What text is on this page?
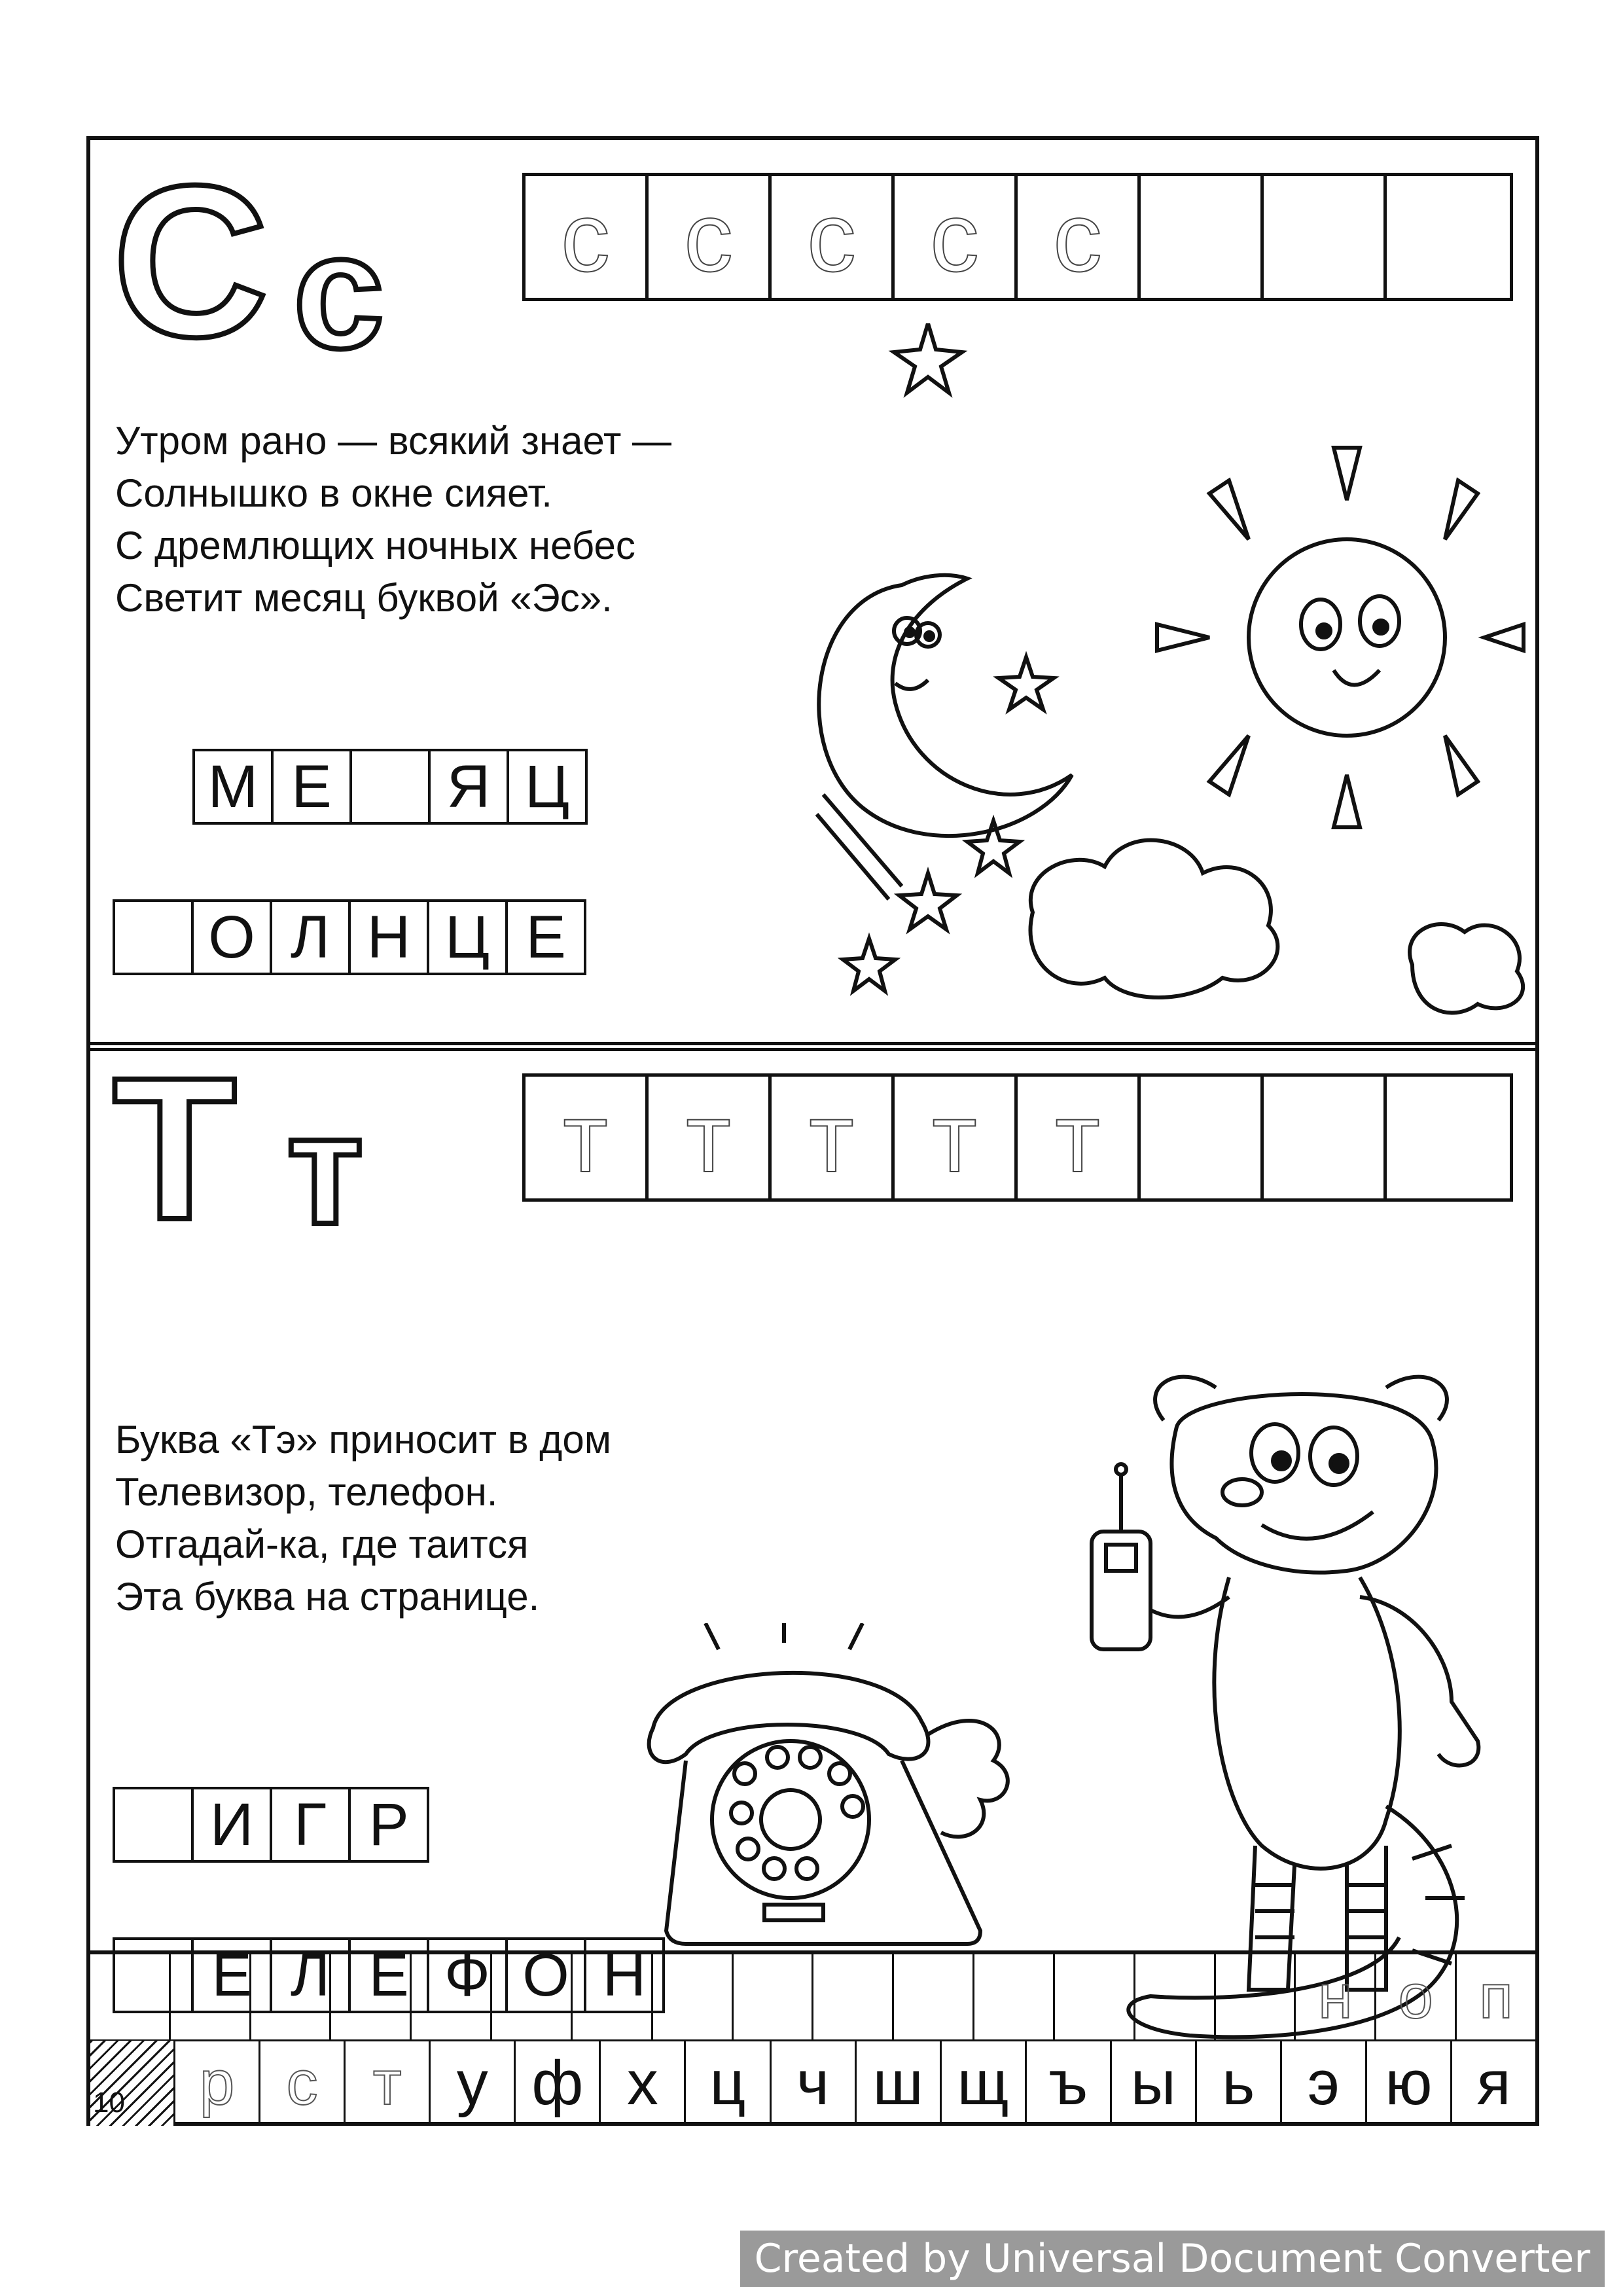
С с с с с с с
Утром рано — всякий знает —
Солнышко в окне сияет.
С дремлющих ночных небес
Светит месяц буквой «Эс».
М Е	Я Ц
О Л Н Ц Е
Т т т т т т т
Буква «Тэ» приносит в дом
Телевизор, телефон.
Отгадай-ка, где таится
Эта буква на странице.
И Г Р
Е Л Е Ф О Н	н о п
р с т у ф х ц ч ш щ ъ ы ь э ю я
10
Created by Universal Document Converter
